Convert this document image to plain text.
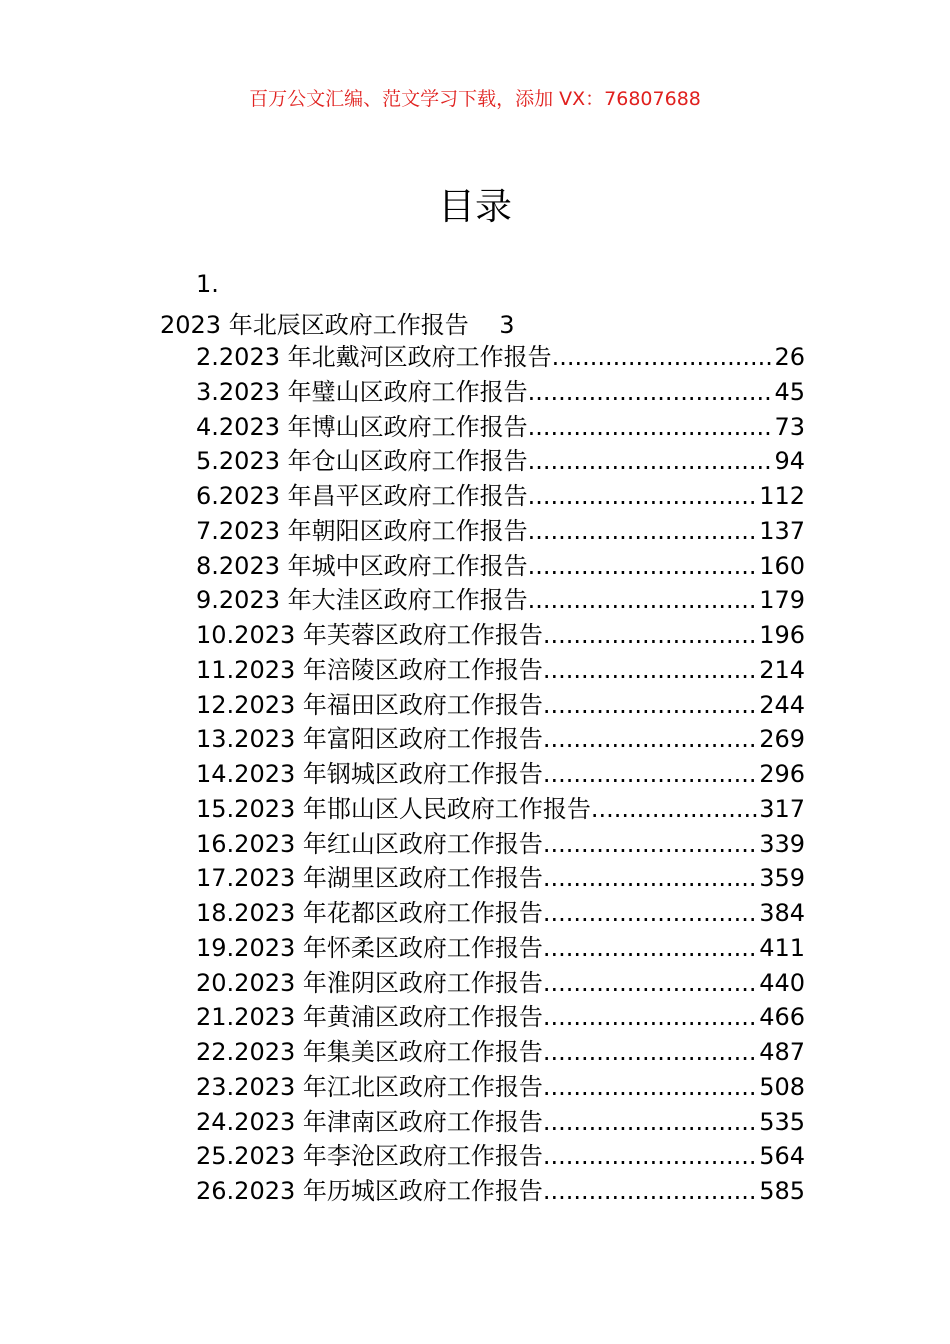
百万公文汇编、范文学习下载，添加 VX：76807688
目录
1.
2023 年北辰区政府工作报告 3
2.2023 年北戴河区政府工作报告 .....	26
3.2023 年璧山区政府工作报告 .....	45
4.2023 年博山区政府工作报告 .....	73
5.2023 年仓山区政府工作报告 .....	94
6.2023 年昌平区政府工作报告 .....	112
7.2023 年朝阳区政府工作报告 .....	137
8.2023 年城中区政府工作报告 .....	160
9.2023 年大洼区政府工作报告 .....	179
10.2023 年芙蓉区政府工作报告 .....	196
11.2023 年涪陵区政府工作报告 .....	214
12.2023 年福田区政府工作报告 .....	244
13.2023 年富阳区政府工作报告 .....	269
14.2023 年钢城区政府工作报告 .....	296
15.2023 年邯山区人民政府工作报告 .....	317
16.2023 年红山区政府工作报告 .....	339
17.2023 年湖里区政府工作报告 .....	359
18.2023 年花都区政府工作报告 .....	384
19.2023 年怀柔区政府工作报告 .....	411
20.2023 年淮阴区政府工作报告 .....	440
21.2023 年黄浦区政府工作报告 .....	466
22.2023 年集美区政府工作报告 .....	487
23.2023 年江北区政府工作报告 .....	508
24.2023 年津南区政府工作报告 .....	535
25.2023 年李沧区政府工作报告 .....	564
26.2023 年历城区政府工作报告 .....	585
